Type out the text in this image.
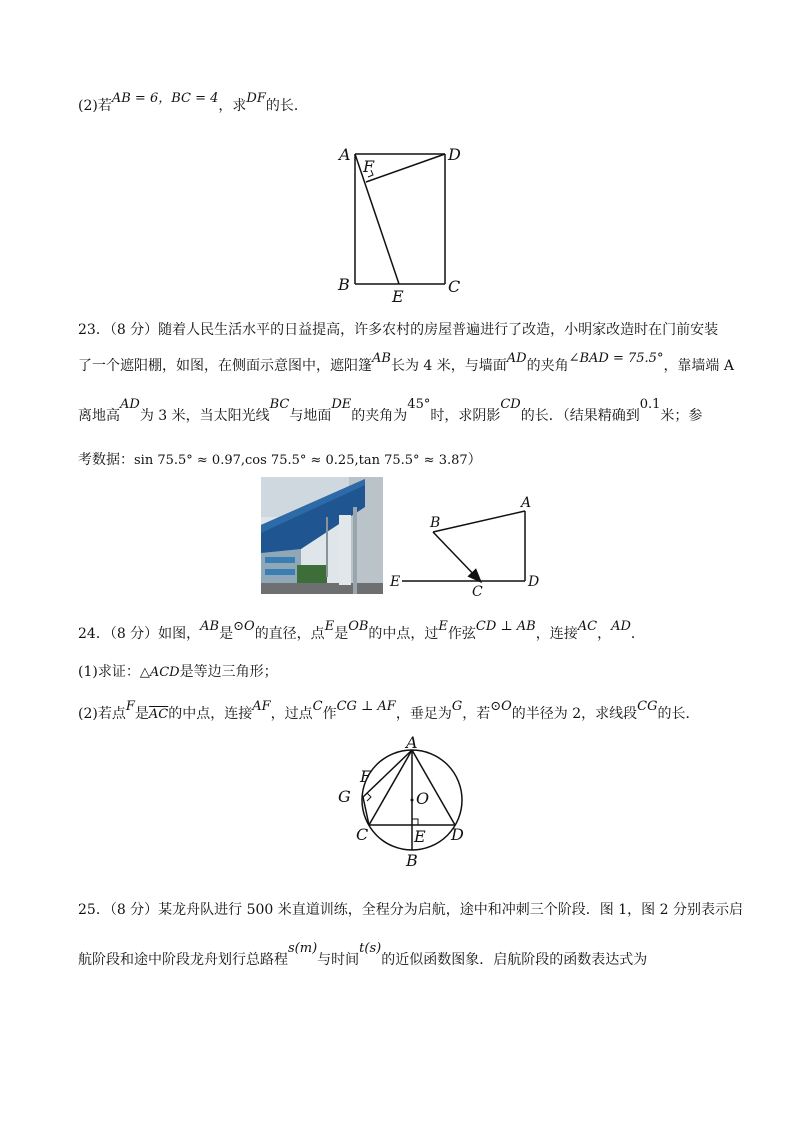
(2)若AB = 6，BC = 4，求DF的长．
A
F
D
B
E
C
23．（8 分）随着人民生活水平的日益提高，许多农村的房屋普遍进行了改造，小明家改造时在门前安装
了一个遮阳棚，如图，在侧面示意图中，遮阳篷AB长为 4 米，与墙面AD的夹角∠BAD = 75.5°，靠墙端 A
离地高AD为 3 米，当太阳光线BC与地面DE的夹角为45°时，求阴影CD的长．（结果精确到0.1米；参
考数据：sin 75.5° ≈ 0.97,cos 75.5° ≈ 0.25,tan 75.5° ≈ 3.87）
A
B
E
C
D
24．（8 分）如图，AB是⊙O的直径，点E是OB的中点，过E作弦CD ⊥ AB，连接AC，AD．
(1)求证：△ACD是等边三角形；
(2)若点F是$\overline{AC}$的中点，连接AF，过点C作CG ⊥ AF，垂足为G，若⊙O的半径为 2，求线段CG的长．
A
F
G	O
C	E D
B
25．（8 分）某龙舟队进行 500 米直道训练，全程分为启航，途中和冲刺三个阶段．图 1，图 2 分别表示启
航阶段和途中阶段龙舟划行总路程s(m)与时间t(s)的近似函数图象．启航阶段的函数表达式为
